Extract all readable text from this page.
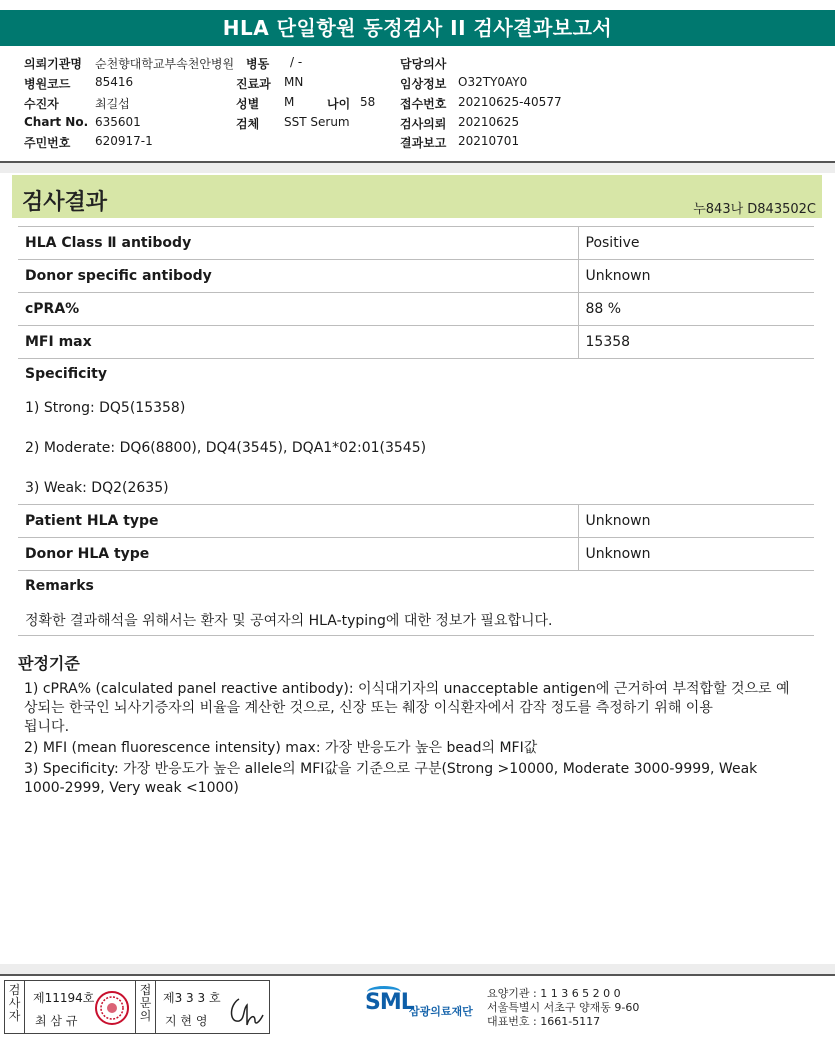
HLA 단일항원 동정검사 II 검사결과보고서
의뢰기관명 순천향대학교부속천안병원
병원코드 85416
수진자	최길섭
Chart No. 635601
주민번호 620917-1
병동 / -
진료과 MN
성별 M	나이 58
검체 SST Serum
담당의사
임상정보 O32TY0AY0
접수번호 20210625-40577
검사의뢰 20210625
결과보고 20210701
검사결과	누843나 D843502C
HLA Class Ⅱ antibody	Positive
Donor specific antibody	Unknown
cPRA%	88 %
MFI max	15358
Specificity
1) Strong: DQ5(15358)
2) Moderate: DQ6(8800), DQ4(3545), DQA1*02:01(3545)
3) Weak: DQ2(2635)
Patient HLA type	Unknown
Donor HLA type	Unknown
Remarks
정확한 결과해석을 위해서는 환자 및 공여자의 HLA-typing에 대한 정보가 필요합니다.
판정기준
1) cPRA% (calculated panel reactive antibody): 이식대기자의 unacceptable antigen에 근거하여 부적합할 것으로 예
상되는 한국인 뇌사기증자의 비율을 계산한 것으로, 신장 또는 췌장 이식환자에서 감작 정도를 측정하기 위해 이용
됩니다.
2) MFI (mean fluorescence intensity) max: 가장 반응도가 높은 bead의 MFI값
3) Specificity: 가장 반응도가 높은 allele의 MFI값을 기준으로 구분(Strong >10000, Moderate 3000-9999, Weak
1000-2999, Very weak <1000)
검사자
제11194호
최 삼 규
접문의
제3 3 3 호
지 현 영
SML
삼광의료재단
요양기관 : 1 1 3 6 5 2 0 0
서울특별시 서초구 양재동 9-60
대표번호 : 1661-5117
